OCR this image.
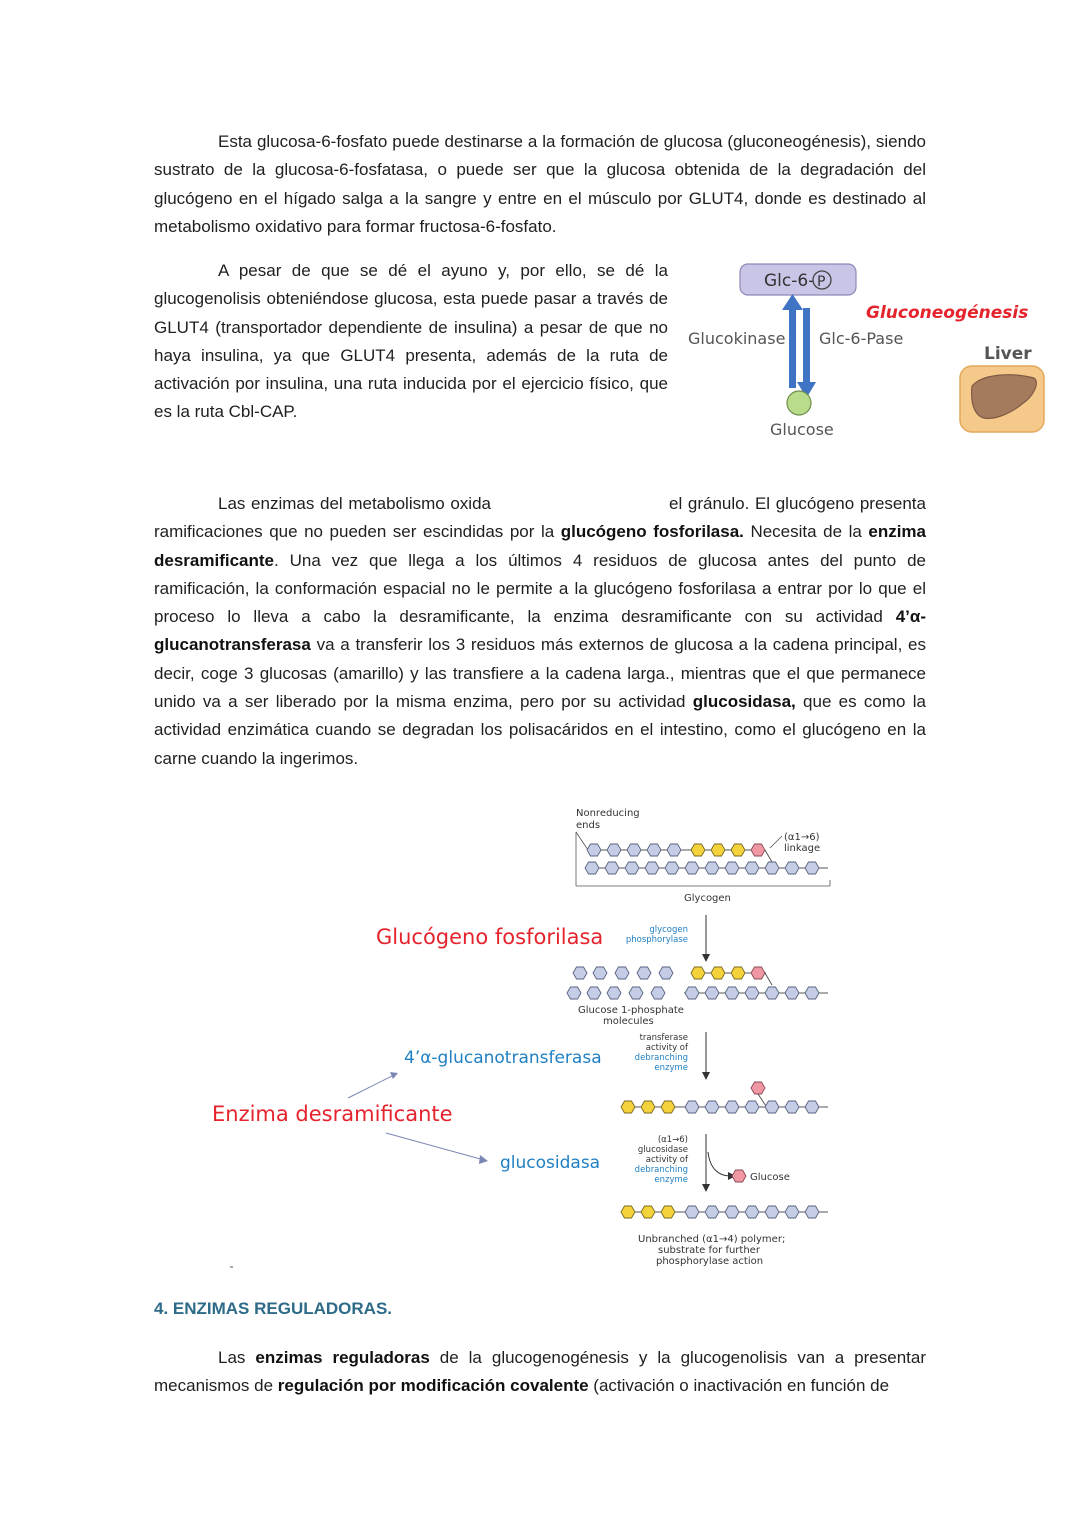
Esta glucosa-6-fosfato puede destinarse a la formación de glucosa (gluconeogénesis), siendo sustrato de la glucosa-6-fosfatasa, o puede ser que la glucosa obtenida de la degradación del glucógeno en el hígado salga a la sangre y entre en el músculo por GLUT4, donde es destinado al metabolismo oxidativo para formar fructosa-6-fosfato.

A pesar de que se dé el ayuno y, por ello, se dé la glucogenolisis obteniéndose glucosa, esta puede pasar a través de GLUT4 (transportador dependiente de insulina) a pesar de que no haya insulina, ya que GLUT4 presenta, además de la ruta de activación por insulina, una ruta inducida por el ejercicio físico, que es la ruta Cbl-CAP.

Glc-6- P
Glucokinase Glc-6-Pase
Glucose
Gluconeogénesis
Liver

Las enzimas del metabolismo oxida	el gránulo. El glucógeno presenta ramificaciones que no pueden ser escindidas por la glucógeno fosforilasa. Necesita de la enzima desramificante. Una vez que llega a los últimos 4 residuos de glucosa antes del punto de ramificación, la conformación espacial no le permite a la glucógeno fosforilasa a entrar por lo que el proceso lo lleva a cabo la desramificante, la enzima desramificante con su actividad 4’α-glucanotransferasa va a transferir los 3 residuos más externos de glucosa a la cadena principal, es decir, coge 3 glucosas (amarillo) y las transfiere a la cadena larga., mientras que el que permanece unido va a ser liberado por la misma enzima, pero por su actividad glucosidasa, que es como la actividad enzimática cuando se degradan los polisacáridos en el intestino, como el glucógeno en la carne cuando la ingerimos.

Nonreducing
ends
(α1→6)
linkage
Glycogen
Glucose 1-phosphate
molecules
Glucose
Unbranched (α1→4) polymer;
substrate for further
phosphorylase action
glycogen
phosphorylase
transferase
activity of
debranching
enzyme
(α1→6)
glucosidase
activity of
debranching
enzyme
Glucógeno fosforilasa
4’α-glucanotransferasa
Enzima desramificante
glucosidasa
4. ENZIMAS REGULADORAS.

Las enzimas reguladoras de la glucogenogénesis y la glucogenolisis van a presentar mecanismos de regulación por modificación covalente (activación o inactivación en función de
